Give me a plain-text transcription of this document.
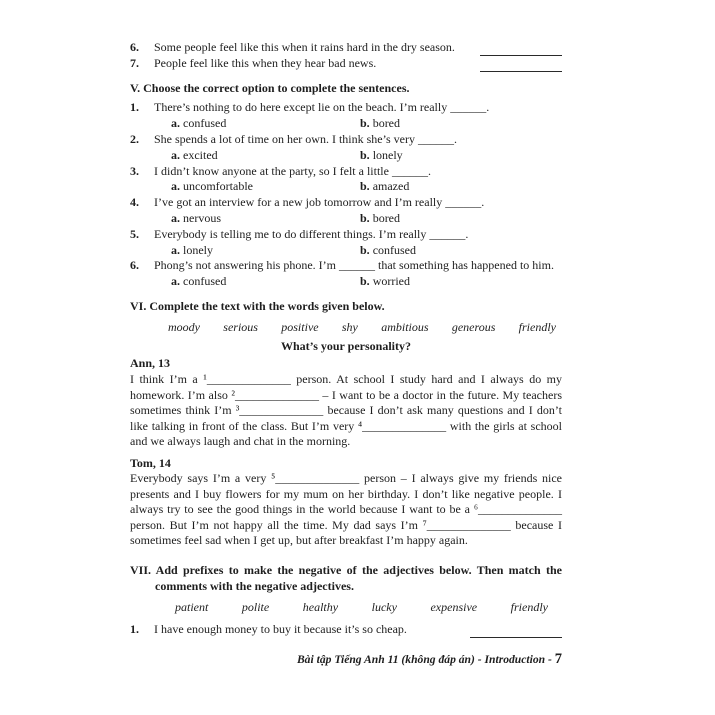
6.	Some people feel like this when it rains hard in the dry season.
7.	People feel like this when they hear bad news.
V. Choose the correct option to complete the sentences.
1.	There’s nothing to do here except lie on the beach. I’m really ______.
a. confused	b. bored
2.	She spends a lot of time on her own. I think she’s very ______.
a. excited	b. lonely
3.	I didn’t know anyone at the party, so I felt a little ______.
a. uncomfortable	b. amazed
4.	I’ve got an interview for a new job tomorrow and I’m really ______.
a. nervous	b. bored
5.	Everybody is telling me to do different things. I’m really ______.
a. lonely	b. confused
6.	Phong’s not answering his phone. I’m ______ that something has happened to him.
a. confused	b. worried
VI. Complete the text with the words given below.
moody serious positive shy ambitious generous friendly
What’s your personality?
Ann, 13
I think I’m a ¹______________ person. At school I study hard and I always do my homework. I’m also ²______________ – I want to be a doctor in the future. My teachers sometimes think I’m ³______________ because I don’t ask many questions and I don’t like talking in front of the class. But I’m very ⁴______________ with the girls at school and we always laugh and chat in the morning.
Tom, 14
Everybody says I’m a very ⁵______________ person – I always give my friends nice presents and I buy flowers for my mum on her birthday. I don’t like negative people. I always try to see the good things in the world because I want to be a ⁶______________ person. But I’m not happy all the time. My dad says I’m ⁷______________ because I sometimes feel sad when I get up, but after breakfast I’m happy again.
VII. Add prefixes to make the negative of the adjectives below. Then match the comments with the negative adjectives.
patient	polite	healthy	lucky	expensive	friendly
1.	I have enough money to buy it because it’s so cheap.
Bài tập Tiếng Anh 11 (không đáp án) - Introduction - 7
